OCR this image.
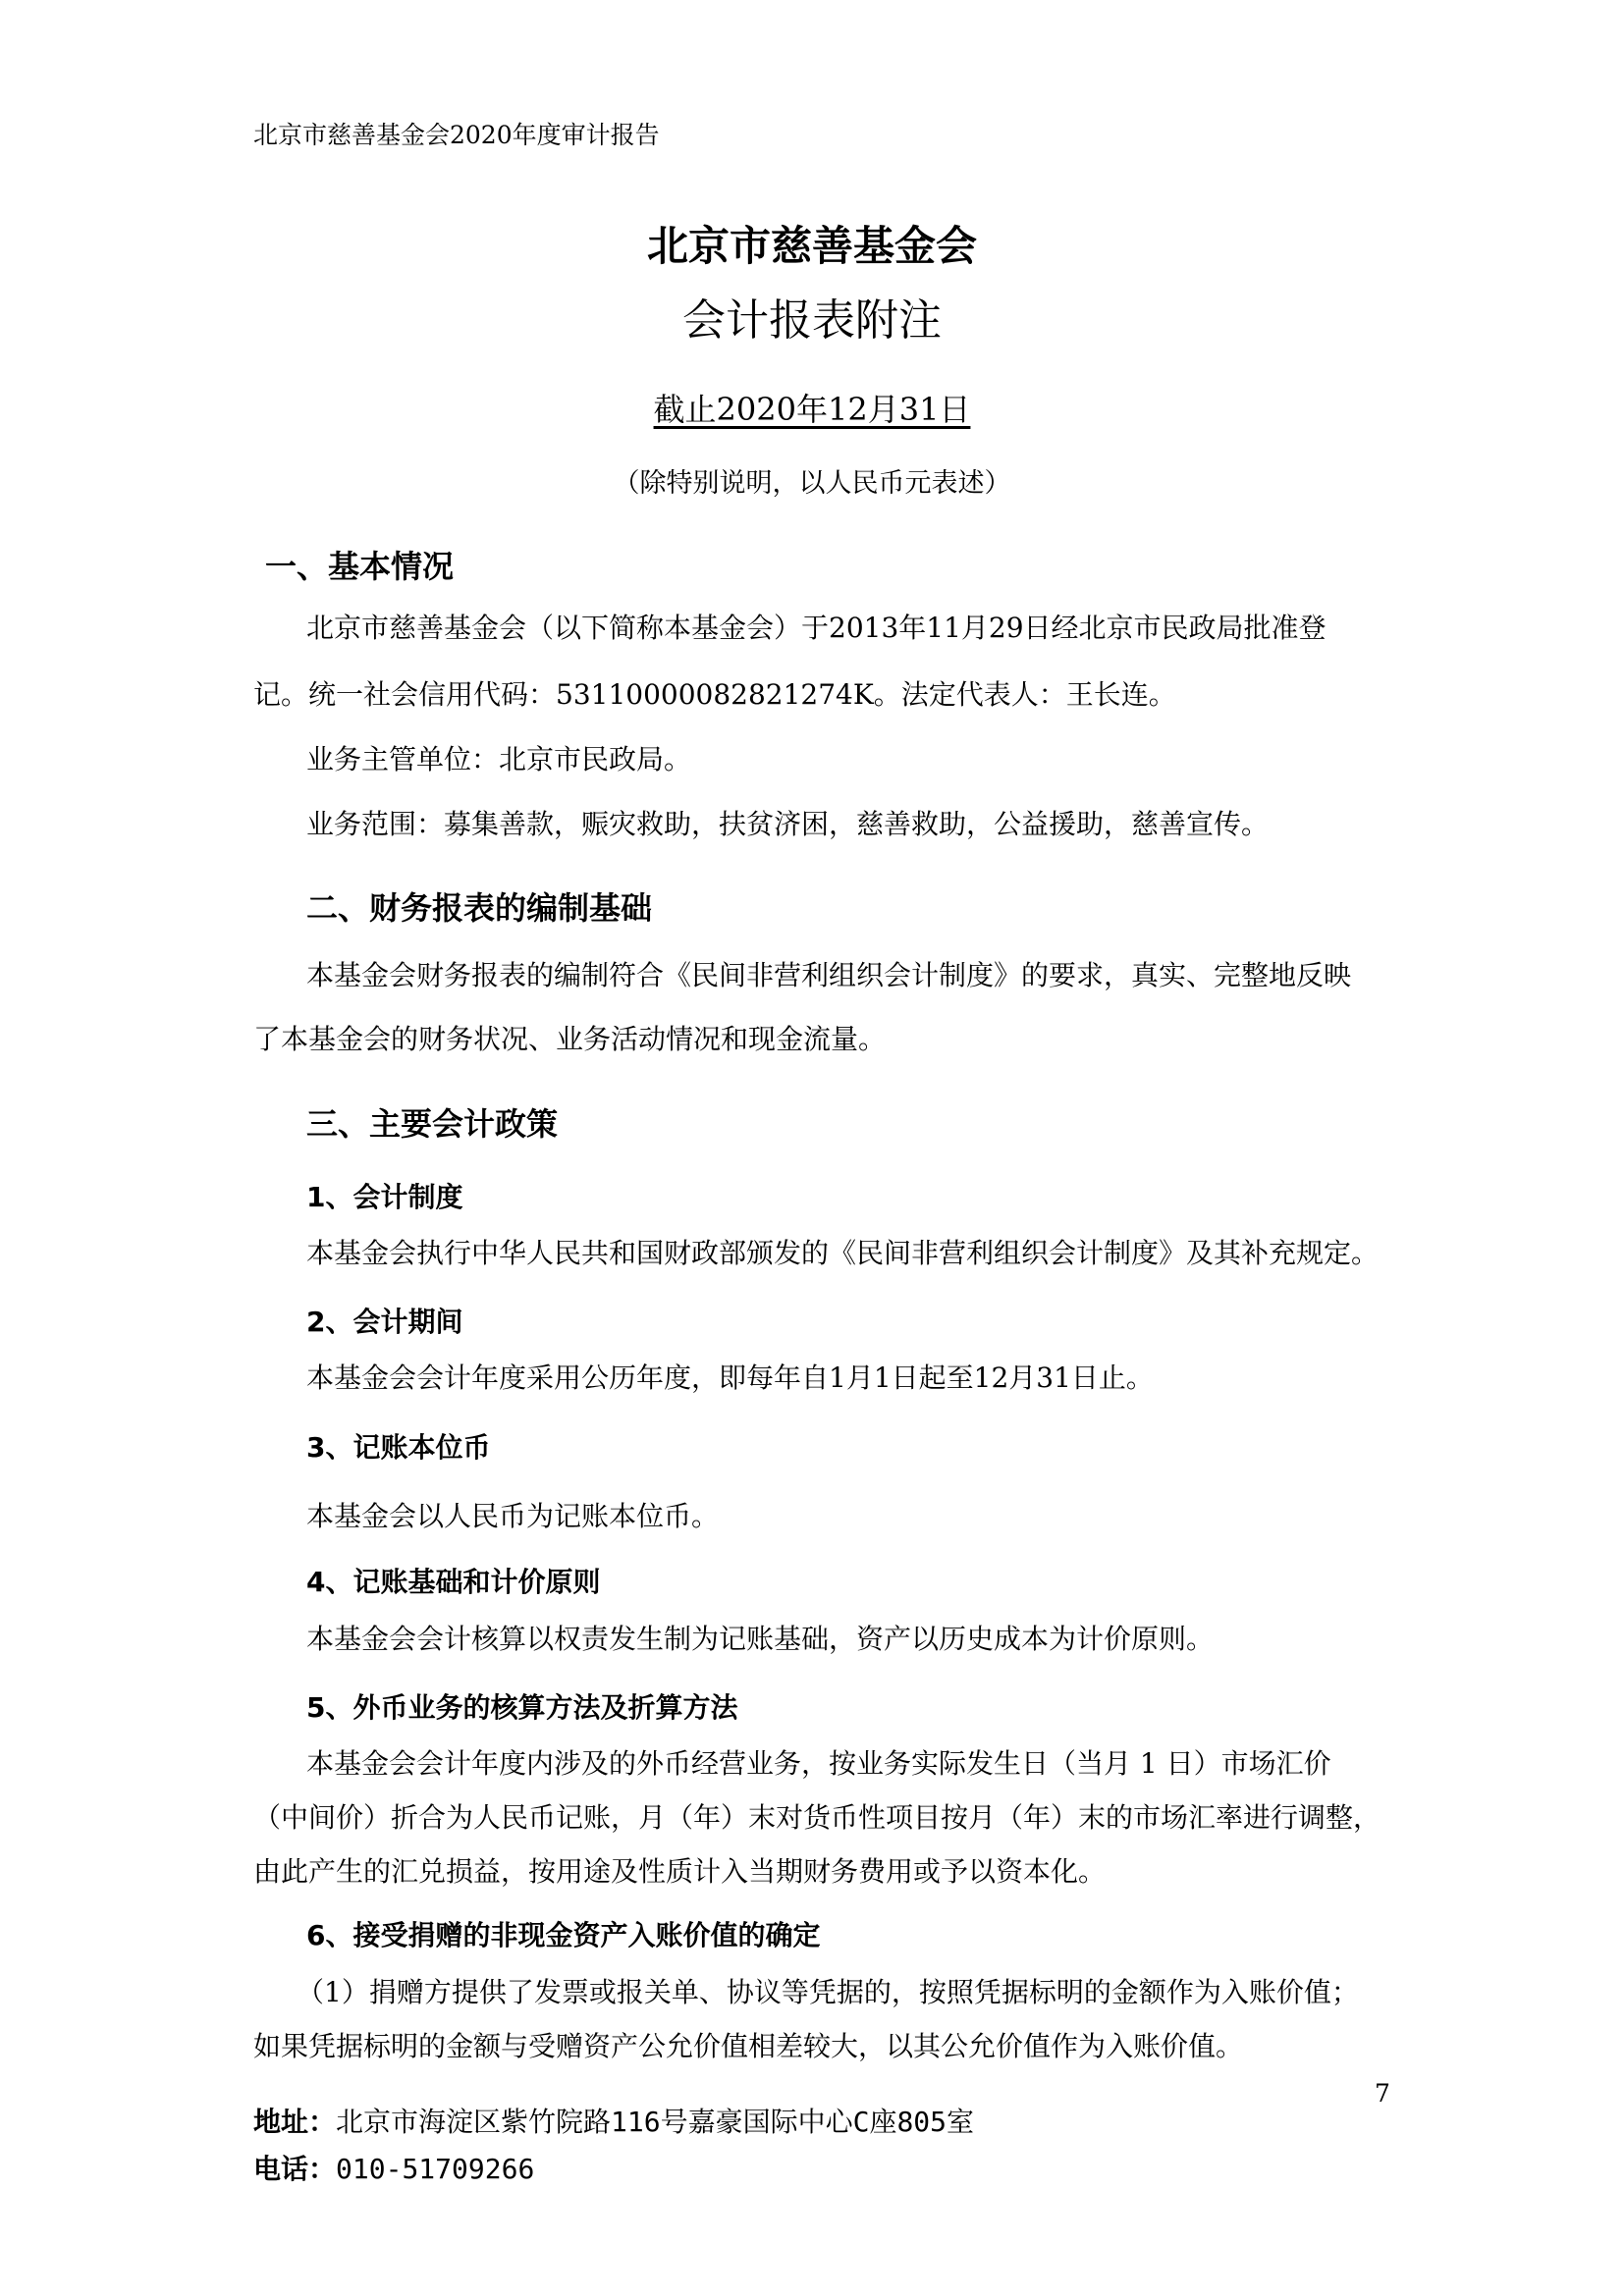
北京市慈善基金会2020年度审计报告
北京市慈善基金会
会计报表附注
截止2020年12月31日
（除特别说明，以人民币元表述）
一、基本情况
北京市慈善基金会（以下简称本基金会）于2013年11月29日经北京市民政局批准登
记。统一社会信用代码：53110000082821274K。法定代表人：王长连。
业务主管单位：北京市民政局。
业务范围：募集善款，赈灾救助，扶贫济困，慈善救助，公益援助，慈善宣传。
二、财务报表的编制基础
本基金会财务报表的编制符合《民间非营利组织会计制度》的要求，真实、完整地反映
了本基金会的财务状况、业务活动情况和现金流量。
三、主要会计政策
1、会计制度
本基金会执行中华人民共和国财政部颁发的《民间非营利组织会计制度》及其补充规定。
2、会计期间
本基金会会计年度采用公历年度，即每年自1月1日起至12月31日止。
3、记账本位币
本基金会以人民币为记账本位币。
4、记账基础和计价原则
本基金会会计核算以权责发生制为记账基础，资产以历史成本为计价原则。
5、外币业务的核算方法及折算方法
本基金会会计年度内涉及的外币经营业务，按业务实际发生日（当月 1 日）市场汇价
（中间价）折合为人民币记账，月（年）末对货币性项目按月（年）末的市场汇率进行调整，
由此产生的汇兑损益，按用途及性质计入当期财务费用或予以资本化。
6、接受捐赠的非现金资产入账价值的确定
（1）捐赠方提供了发票或报关单、协议等凭据的，按照凭据标明的金额作为入账价值；
如果凭据标明的金额与受赠资产公允价值相差较大，以其公允价值作为入账价值。
地址：北京市海淀区紫竹院路116号嘉豪国际中心C座805室
电话：010-51709266
7
